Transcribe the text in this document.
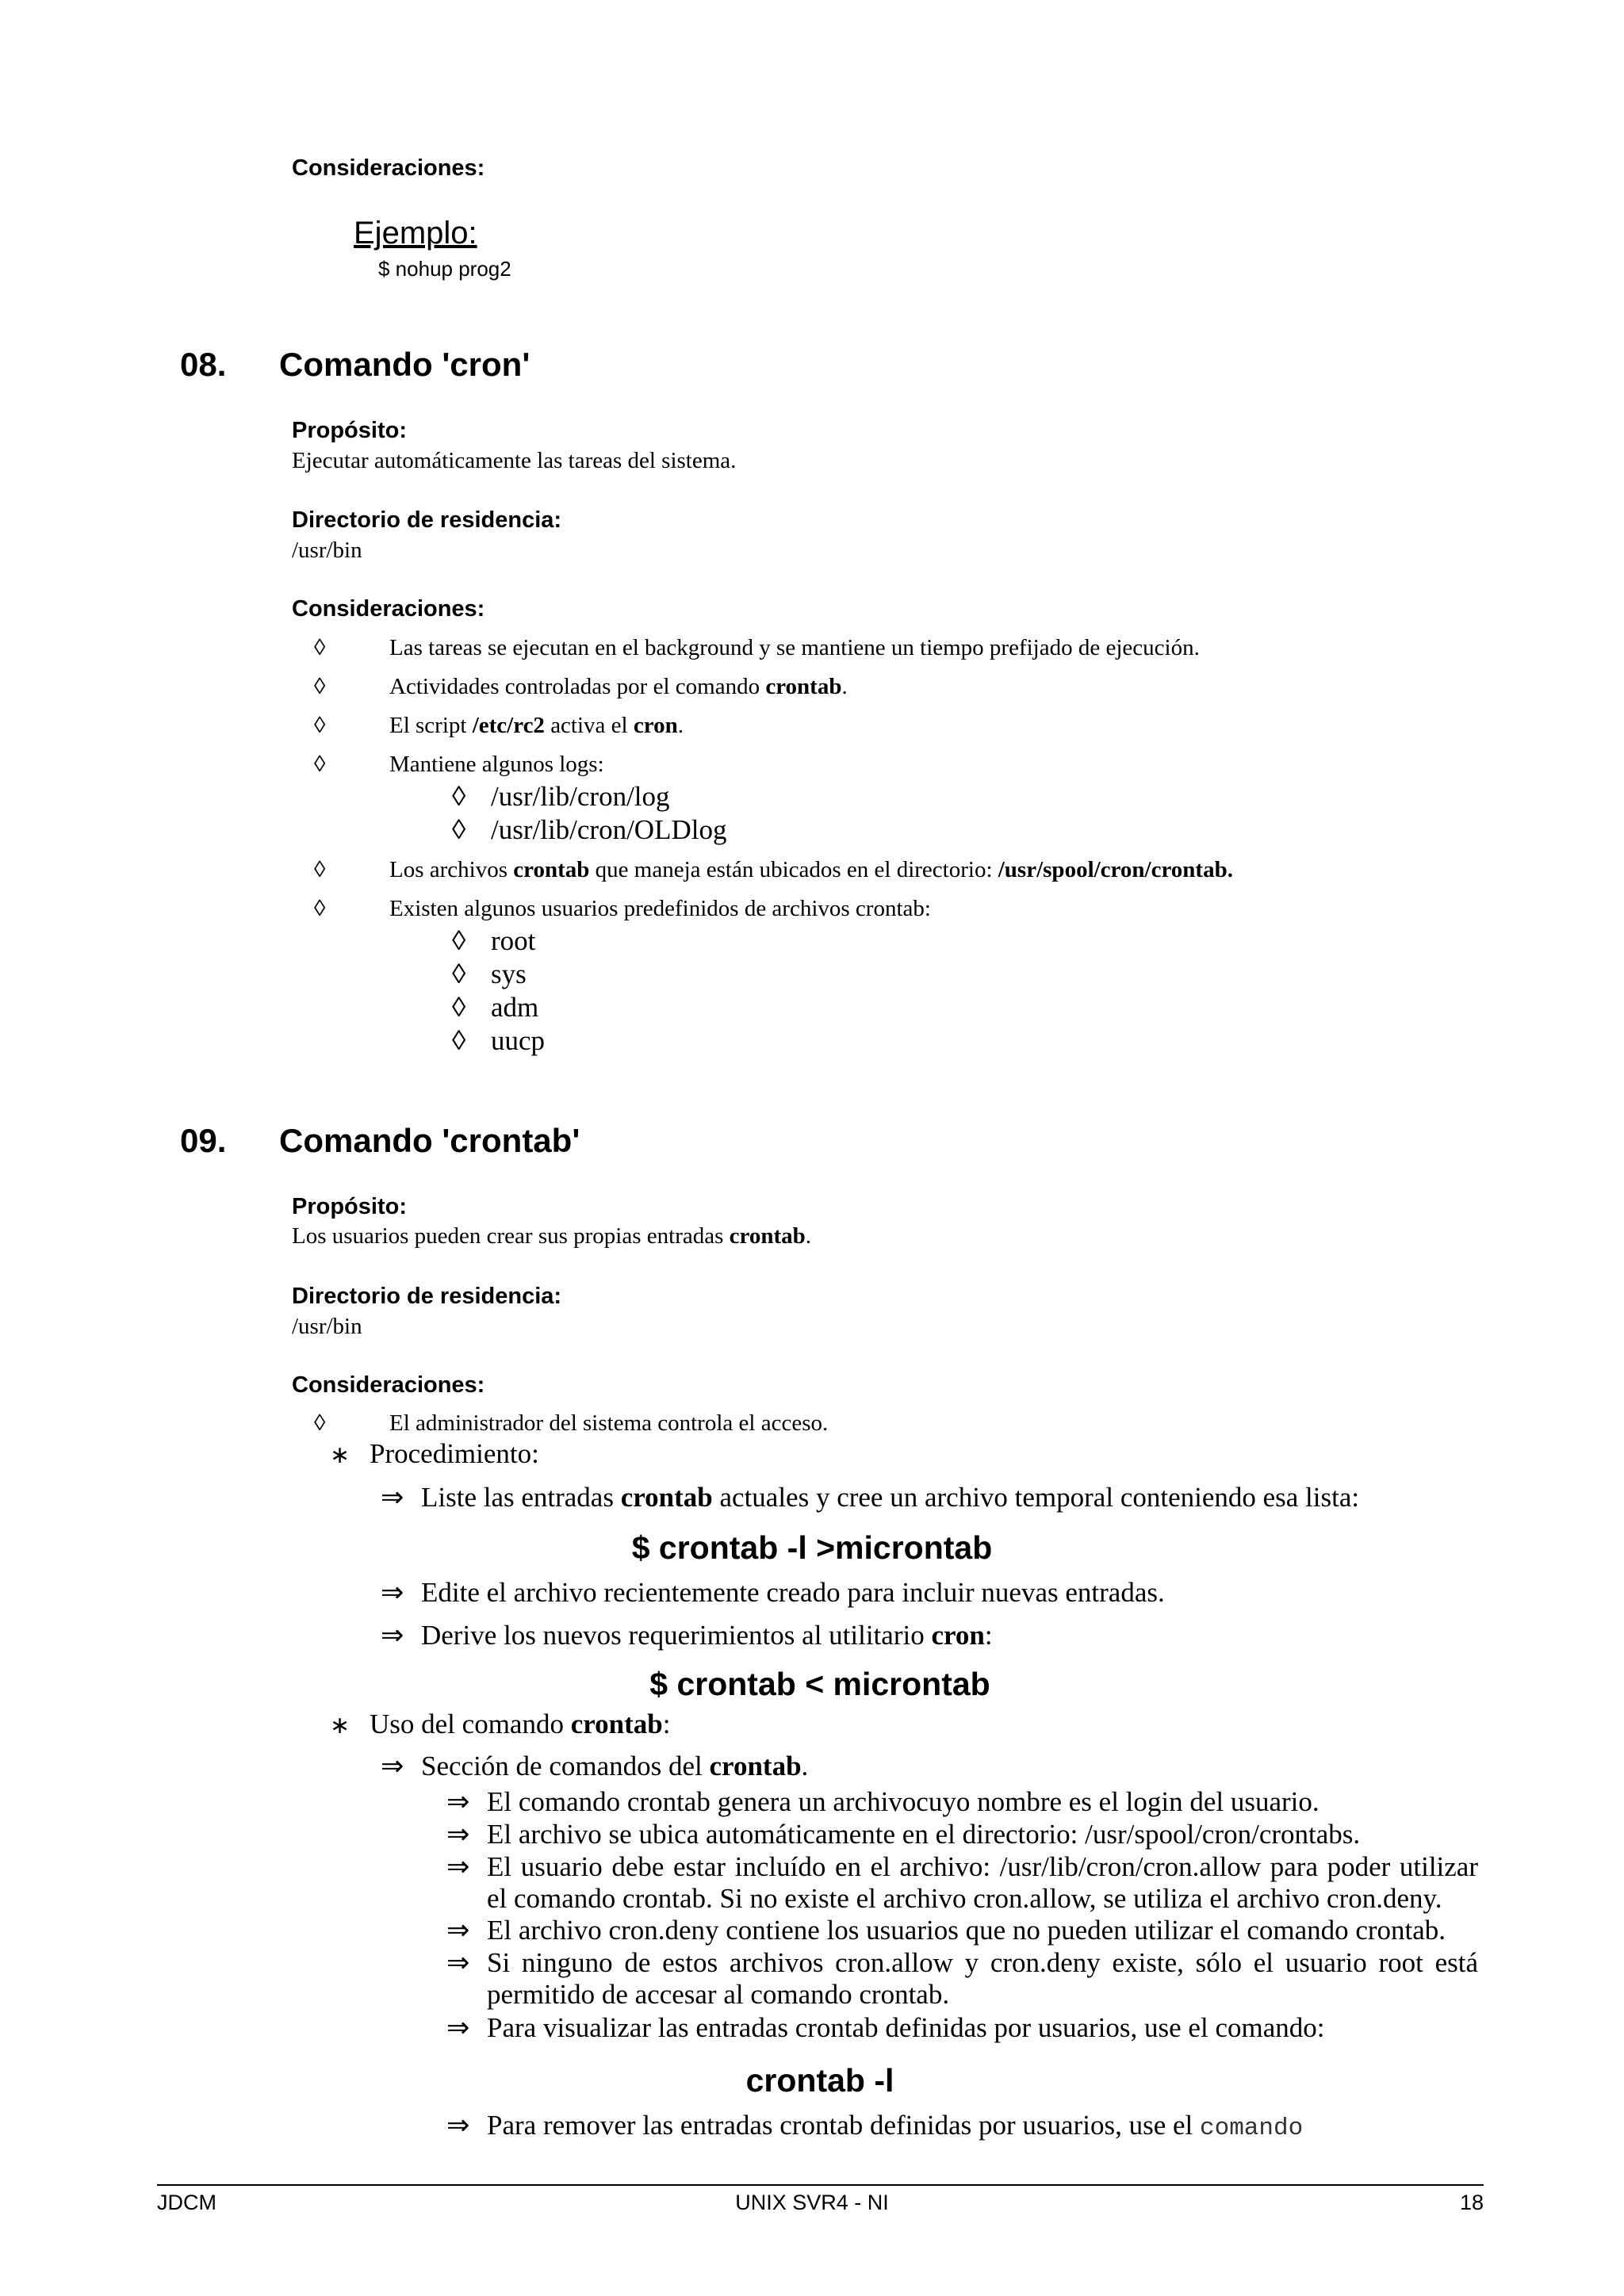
Consideraciones:
Ejemplo:
$ nohup prog2
08. Comando 'cron'
Propósito:
Ejecutar automáticamente las tareas del sistema.
Directorio de residencia:
/usr/bin
Consideraciones:
◊	Las tareas se ejecutan en el background y se mantiene un tiempo prefijado de ejecución.
◊	Actividades controladas por el comando crontab.
◊	El script /etc/rc2 activa el cron.
◊	Mantiene algunos logs:
◊ /usr/lib/cron/log
◊ /usr/lib/cron/OLDlog
◊	Los archivos crontab que maneja están ubicados en el directorio: /usr/spool/cron/crontab.
◊	Existen algunos usuarios predefinidos de archivos crontab:
◊ root
◊ sys
◊ adm
◊ uucp
09. Comando 'crontab'
Propósito:
Los usuarios pueden crear sus propias entradas crontab.
Directorio de residencia:
/usr/bin
Consideraciones:
◊	El administrador del sistema controla el acceso.
∗ Procedimiento:
⇒ Liste las entradas crontab actuales y cree un archivo temporal conteniendo esa lista:
$ crontab -l >microntab
⇒ Edite el archivo recientemente creado para incluir nuevas entradas.
⇒ Derive los nuevos requerimientos al utilitario cron:
$ crontab < microntab
∗ Uso del comando crontab:
⇒ Sección de comandos del crontab.
⇒ El comando crontab genera un archivocuyo nombre es el login del usuario.
⇒ El archivo se ubica automáticamente en el directorio: /usr/spool/cron/crontabs.
⇒ El usuario debe estar incluído en el archivo: /usr/lib/cron/cron.allow para poder utilizar el comando crontab. Si no existe el archivo cron.allow, se utiliza el archivo cron.deny.
⇒ El archivo cron.deny contiene los usuarios que no pueden utilizar el comando crontab.
⇒ Si ninguno de estos archivos cron.allow y cron.deny existe, sólo el usuario root está permitido de accesar al comando crontab.
⇒ Para visualizar las entradas crontab definidas por usuarios, use el comando:
crontab -l
⇒ Para remover las entradas crontab definidas por usuarios, use el comando
JDCM	UNIX SVR4 - NI	18
